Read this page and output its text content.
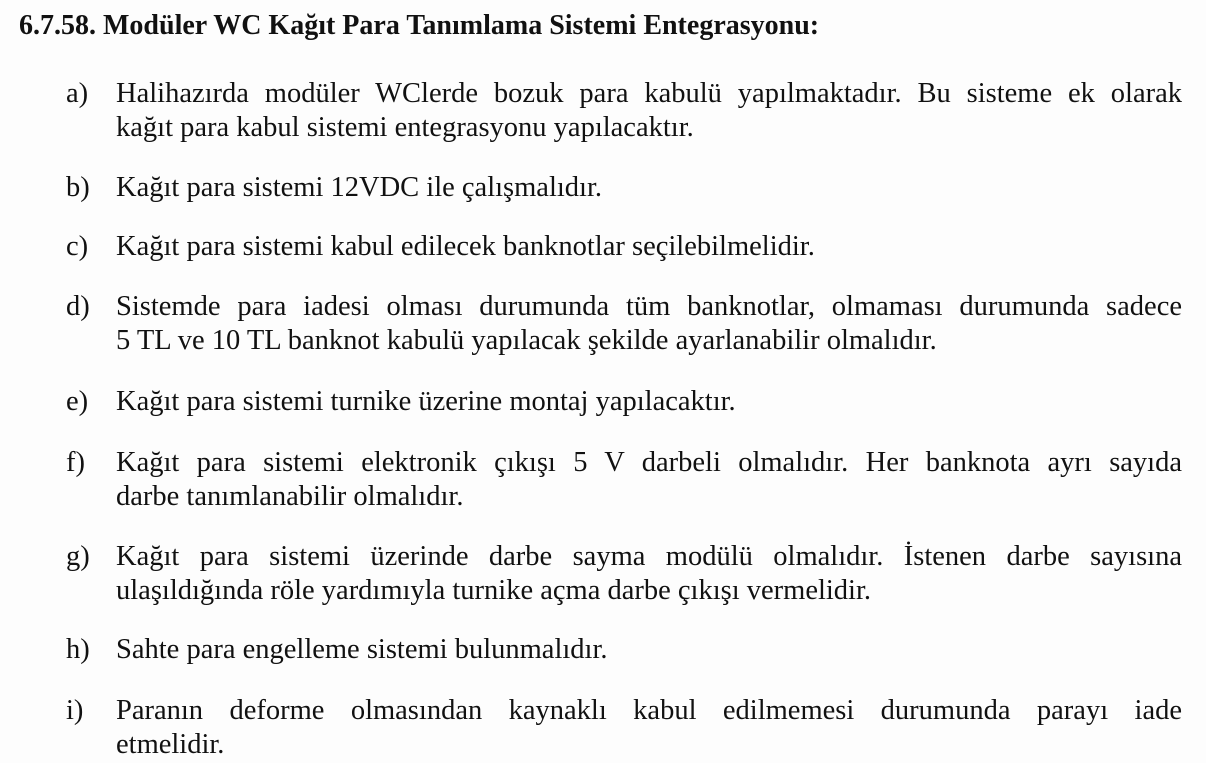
6.7.58. Modüler WC Kağıt Para Tanımlama Sistemi Entegrasyonu:
a) Halihazırda modüler WClerde bozuk para kabulü yapılmaktadır. Bu sisteme ek olarak
kağıt para kabul sistemi entegrasyonu yapılacaktır.
b) Kağıt para sistemi 12VDC ile çalışmalıdır.
c) Kağıt para sistemi kabul edilecek banknotlar seçilebilmelidir.
d) Sistemde para iadesi olması durumunda tüm banknotlar, olmaması durumunda sadece
5 TL ve 10 TL banknot kabulü yapılacak şekilde ayarlanabilir olmalıdır.
e) Kağıt para sistemi turnike üzerine montaj yapılacaktır.
f)	Kağıt para sistemi elektronik çıkışı 5 V darbeli olmalıdır. Her banknota ayrı sayıda
darbe tanımlanabilir olmalıdır.
g) Kağıt para sistemi üzerinde darbe sayma modülü olmalıdır. İstenen darbe sayısına
ulaşıldığında röle yardımıyla turnike açma darbe çıkışı vermelidir.
h) Sahte para engelleme sistemi bulunmalıdır.
i)	Paranın deforme olmasından kaynaklı kabul edilmemesi durumunda parayı iade
etmelidir.
